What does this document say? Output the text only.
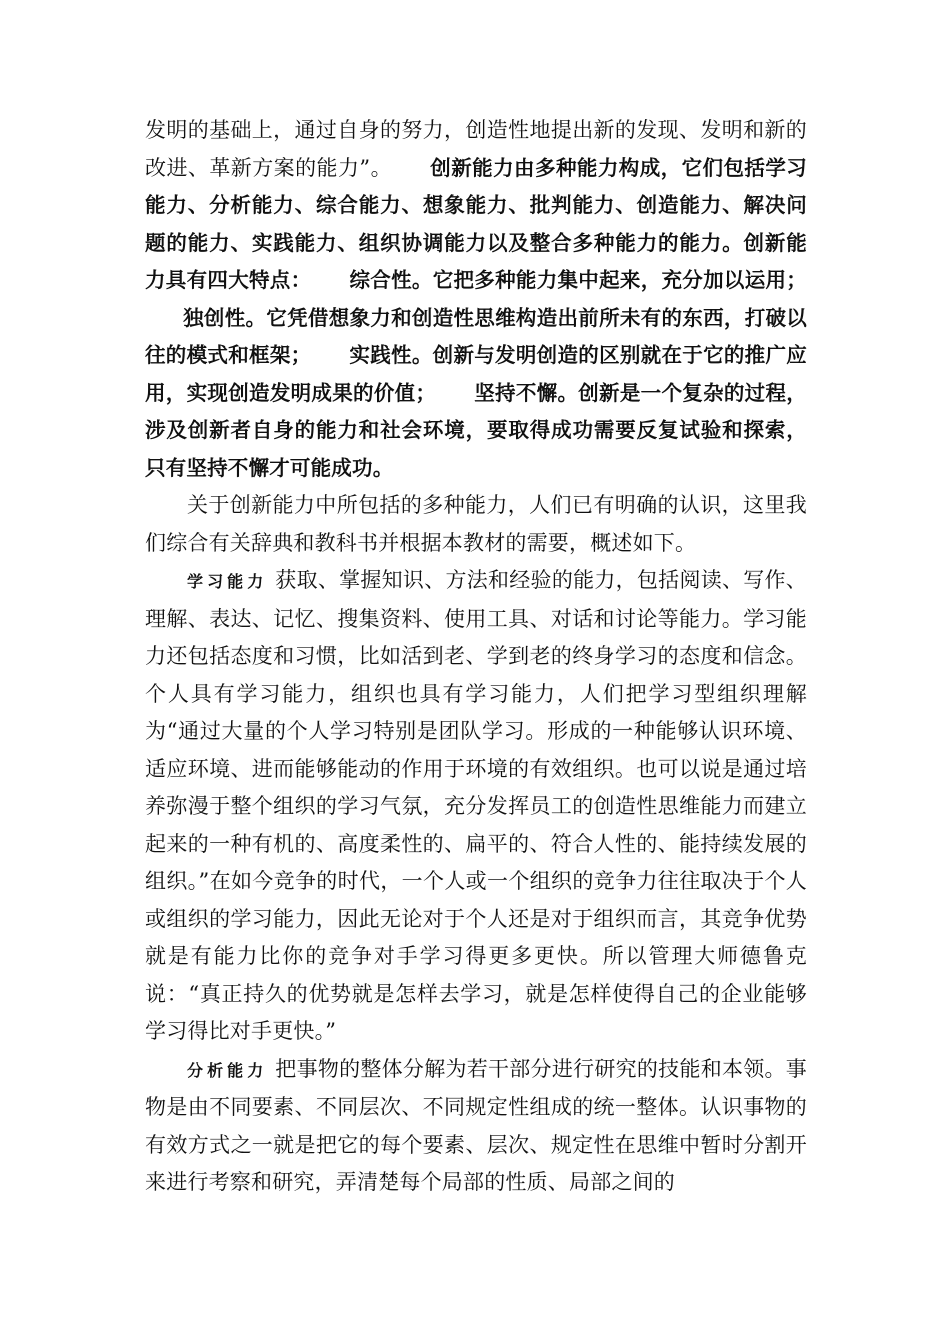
发明的基础上，通过自身的努力，创造性地提出新的发现、发明和新的改进、革新方案的能力”。 创新能力由多种能力构成，它们包括学习能力、分析能力、综合能力、想象能力、批判能力、创造能力、解决问题的能力、实践能力、组织协调能力以及整合多种能力的能力。创新能力具有四大特点： 综合性。它把多种能力集中起来，充分加以运用；独创性。它凭借想象力和创造性思维构造出前所未有的东西，打破以往的模式和框架； 实践性。创新与发明创造的区别就在于它的推广应用，实现创造发明成果的价值； 坚持不懈。创新是一个复杂的过程，涉及创新者自身的能力和社会环境，要取得成功需要反复试验和探索，只有坚持不懈才可能成功。

关于创新能力中所包括的多种能力，人们已有明确的认识，这里我们综合有关辞典和教科书并根据本教材的需要，概述如下。

学习能力 获取、掌握知识、方法和经验的能力，包括阅读、写作、理解、表达、记忆、搜集资料、使用工具、对话和讨论等能力。学习能力还包括态度和习惯，比如活到老、学到老的终身学习的态度和信念。个人具有学习能力，组织也具有学习能力，人们把学习型组织理解为“通过大量的个人学习特别是团队学习。形成的一种能够认识环境、适应环境、进而能够能动的作用于环境的有效组织。也可以说是通过培养弥漫于整个组织的学习气氛，充分发挥员工的创造性思维能力而建立起来的一种有机的、高度柔性的、扁平的、符合人性的、能持续发展的组织。”在如今竞争的时代，一个人或一个组织的竞争力往往取决于个人或组织的学习能力，因此无论对于个人还是对于组织而言，其竞争优势就是有能力比你的竞争对手学习得更多更快。所以管理大师德鲁克说：“真正持久的优势就是怎样去学习，就是怎样使得自己的企业能够学习得比对手更快。”

分析能力 把事物的整体分解为若干部分进行研究的技能和本领。事物是由不同要素、不同层次、不同规定性组成的统一整体。认识事物的有效方式之一就是把它的每个要素、层次、规定性在思维中暂时分割开来进行考察和研究，弄清楚每个局部的性质、局部之间的
